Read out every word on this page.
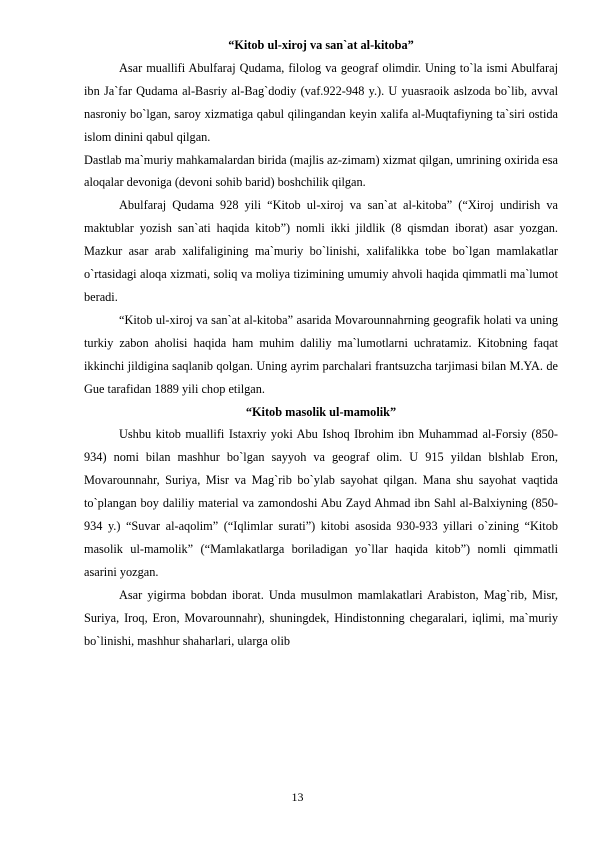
“Kitob ul-xiroj va san`at al-kitoba”

Asar muallifi Abulfaraj Qudama, filolog va geograf olimdir. Uning to`la ismi Abulfaraj ibn Ja`far Qudama al-Basriy al-Bag`dodiy (vaf.922-948 y.). U yuasraoik aslzoda bo`lib, avval nasroniy bo`lgan, saroy xizmatiga qabul qilingandan keyin xalifa al-Muqtafiyning ta`siri ostida islom dinini qabul qilgan.

Dastlab ma`muriy mahkamalardan birida (majlis az-zimam) xizmat qilgan, umrining oxirida esa aloqalar devoniga (devoni sohib barid) boshchilik qilgan.

Abulfaraj Qudama 928 yili “Kitob ul-xiroj va san`at al-kitoba” (“Xiroj undirish va maktublar yozish san`ati haqida kitob”) nomli ikki jildlik (8 qismdan iborat) asar yozgan. Mazkur asar arab xalifaligining ma`muriy bo`linishi, xalifalikka tobe bo`lgan mamlakatlar o`rtasidagi aloqa xizmati, soliq va moliya tizimining umumiy ahvoli haqida qimmatli ma`lumot beradi.

“Kitob ul-xiroj va san`at al-kitoba” asarida Movarounnahrning geografik holati va uning turkiy zabon aholisi haqida ham muhim daliliy ma`lumotlarni uchratamiz. Kitobning faqat ikkinchi jildigina saqlanib qolgan. Uning ayrim parchalari frantsuzcha tarjimasi bilan M.YA. de Gue tarafidan 1889 yili chop etilgan.

“Kitob masolik ul-mamolik”

Ushbu kitob muallifi Istaxriy yoki Abu Ishoq Ibrohim ibn Muhammad al-Forsiy (850-934) nomi bilan mashhur bo`lgan sayyoh va geograf olim. U 915 yildan blshlab Eron, Movarounnahr, Suriya, Misr va Mag`rib bo`ylab sayohat qilgan. Mana shu sayohat vaqtida to`plangan boy daliliy material va zamondoshi Abu Zayd Ahmad ibn Sahl al-Balxiyning (850-934 y.) “Suvar al-aqolim” (“Iqlimlar surati”) kitobi asosida 930-933 yillari o`zining “Kitob masolik ul-mamolik” (“Mamlakatlarga boriladigan yo`llar haqida kitob”) nomli qimmatli asarini yozgan.

Asar yigirma bobdan iborat. Unda musulmon mamlakatlari Arabiston, Mag`rib, Misr, Suriya, Iroq, Eron, Movarounnahr), shuningdek, Hindistonning chegaralari, iqlimi, ma`muriy bo`linishi, mashhur shaharlari, ularga olib

13
